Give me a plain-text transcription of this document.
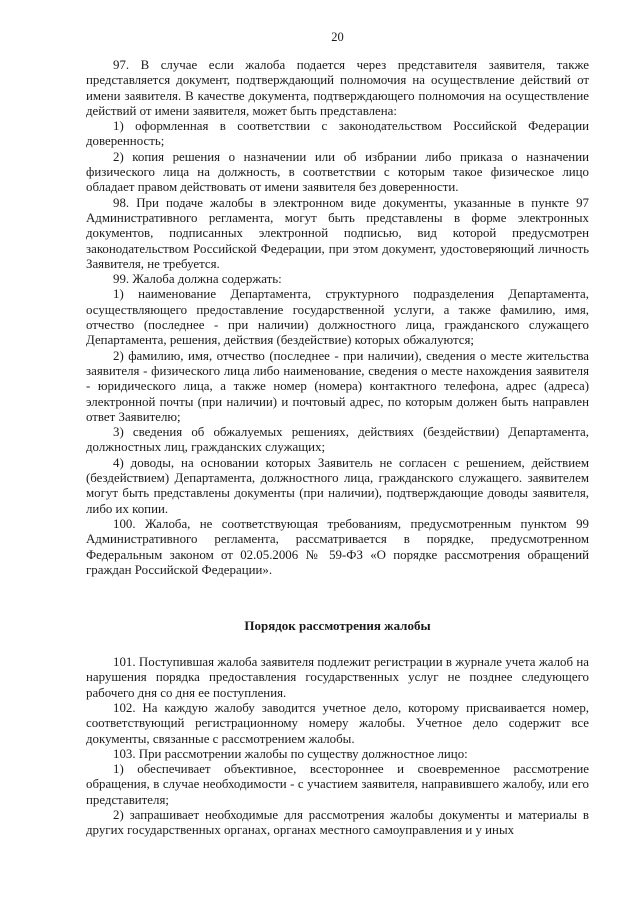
20

97. В случае если жалоба подается через представителя заявителя, также представляется документ, подтверждающий полномочия на осуществление действий от имени заявителя. В качестве документа, подтверждающего полномочия на осуществление действий от имени заявителя, может быть представлена:

1) оформленная в соответствии с законодательством Российской Федерации доверенность;

2) копия решения о назначении или об избрании либо приказа о назначении физического лица на должность, в соответствии с которым такое физическое лицо обладает правом действовать от имени заявителя без доверенности.

98. При подаче жалобы в электронном виде документы, указанные в пункте 97 Административного регламента, могут быть представлены в форме электронных документов, подписанных электронной подписью, вид которой предусмотрен законодательством Российской Федерации, при этом документ, удостоверяющий личность Заявителя, не требуется.

99. Жалоба должна содержать:

1) наименование Департамента, структурного подразделения Департамента, осуществляющего предоставление государственной услуги, а также фамилию, имя, отчество (последнее - при наличии) должностного лица, гражданского служащего Департамента, решения, действия (бездействие) которых обжалуются;

2) фамилию, имя, отчество (последнее - при наличии), сведения о месте жительства заявителя - физического лица либо наименование, сведения о месте нахождения заявителя - юридического лица, а также номер (номера) контактного телефона, адрес (адреса) электронной почты (при наличии) и почтовый адрес, по которым должен быть направлен ответ Заявителю;

3) сведения об обжалуемых решениях, действиях (бездействии) Департамента, должностных лиц, гражданских служащих;

4) доводы, на основании которых Заявитель не согласен с решением, действием (бездействием) Департамента, должностного лица, гражданского служащего. заявителем могут быть представлены документы (при наличии), подтверждающие доводы заявителя, либо их копии.

100. Жалоба, не соответствующая требованиям, предусмотренным пунктом 99 Административного регламента, рассматривается в порядке, предусмотренном Федеральным законом от 02.05.2006 № 59-ФЗ «О порядке рассмотрения обращений граждан Российской Федерации».

Порядок рассмотрения жалобы

101. Поступившая жалоба заявителя подлежит регистрации в журнале учета жалоб на нарушения порядка предоставления государственных услуг не позднее следующего рабочего дня со дня ее поступления.

102. На каждую жалобу заводится учетное дело, которому присваивается номер, соответствующий регистрационному номеру жалобы. Учетное дело содержит все документы, связанные с рассмотрением жалобы.

103. При рассмотрении жалобы по существу должностное лицо:

1) обеспечивает объективное, всестороннее и своевременное рассмотрение обращения, в случае необходимости - с участием заявителя, направившего жалобу, или его представителя;

2) запрашивает необходимые для рассмотрения жалобы документы и материалы в других государственных органах, органах местного самоуправления и у иных
